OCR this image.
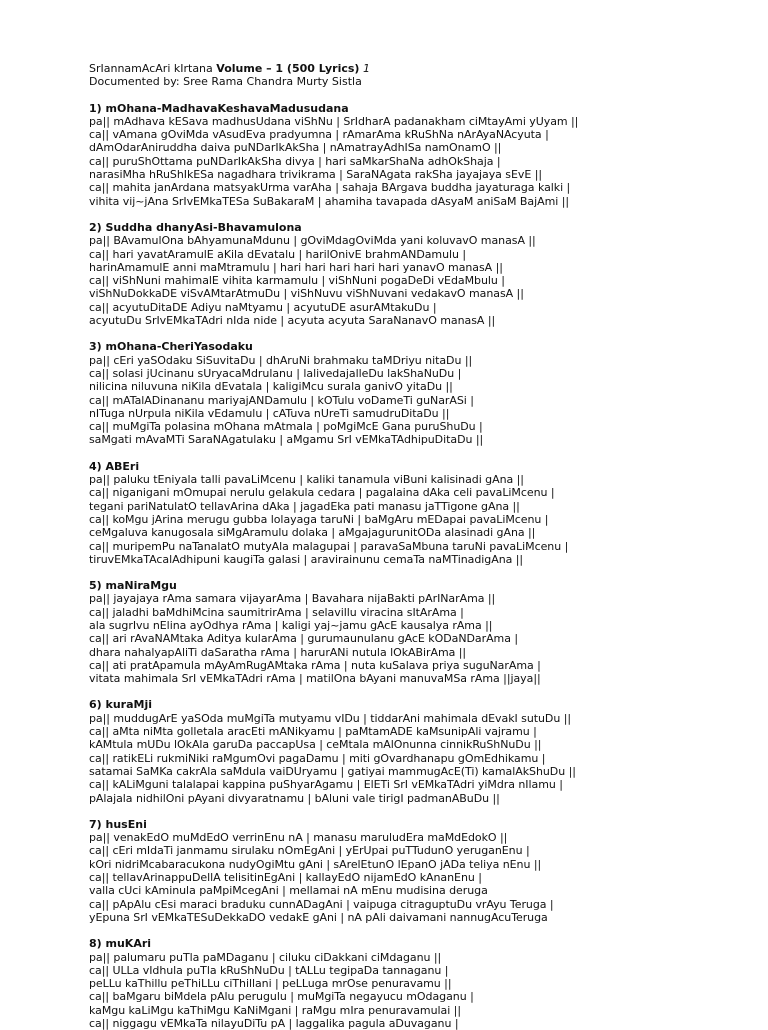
SrIannamAcAri kIrtana Volume – 1 (500 Lyrics) 1
Documented by: Sree Rama Chandra Murty Sistla
1) mOhana-MadhavaKeshavaMadusudana
pa|| mAdhava kESava madhusUdana viShNu | SrIdharA padanakham ciMtayAmi yUyam ||
ca|| vAmana gOviMda vAsudEva pradyumna | rAmarAma kRuShNa nArAyaNAcyuta |
dAmOdarAniruddha daiva puNDarIkAkSha | nAmatrayAdhISa namOnamO ||
ca|| puruShOttama puNDarIkAkSha divya | hari saMkarShaNa adhOkShaja |
narasiMha hRuShIkESa nagadhara trivikrama | SaraNAgata rakSha jayajaya sEvE ||
ca|| mahita janArdana matsyakUrma varAha | sahaja BArgava buddha jayaturaga kalki |
vihita vij~jAna SrIvEMkaTESa SuBakaraM | ahamiha tavapada dAsyaM aniSaM BajAmi ||
2) Suddha dhanyAsi-Bhavamulona
pa|| BAvamulOna bAhyamunaMdunu | gOviMdagOviMda yani koluvavO manasA ||
ca|| hari yavatAramulE aKila dEvatalu | harilOnivE brahmANDamulu |
harinAmamulE anni maMtramulu | hari hari hari hari hari yanavO manasA ||
ca|| viShNuni mahimalE vihita karmamulu | viShNuni pogaDeDi vEdaMbulu |
viShNuDokkaDE viSvAMtarAtmuDu | viShNuvu viShNuvani vedakavO manasA ||
ca|| acyutuDitaDE Adiyu naMtyamu | acyutuDE asurAMtakuDu |
acyutuDu SrIvEMkaTAdri nIda nide | acyuta acyuta SaraNanavO manasA ||
3) mOhana-CheriYasodaku
pa|| cEri yaSOdaku SiSuvitaDu | dhAruNi brahmaku taMDriyu nitaDu ||
ca|| solasi jUcinanu sUryacaMdrulanu | lalivedajalleDu lakShaNuDu |
nilicina niluvuna niKila dEvatala | kaligiMcu surala ganivO yitaDu ||
ca|| mATalADinananu mariyajANDamulu | kOTulu voDameTi guNarASi |
nITuga nUrpula niKila vEdamulu | cATuva nUreTi samudruDitaDu ||
ca|| muMgiTa polasina mOhana mAtmala | poMgiMcE Gana puruShuDu |
saMgati mAvaMTi SaraNAgatulaku | aMgamu SrI vEMkaTAdhipuDitaDu ||
4) ABEri
pa|| paluku tEniyala talli pavaLiMcenu | kaliki tanamula viBuni kalisinadi gAna ||
ca|| niganigani mOmupai nerulu gelakula cedara | pagalaina dAka celi pavaLiMcenu |
tegani pariNatulatO tellavArina dAka | jagadEka pati manasu jaTTigone gAna ||
ca|| koMgu jArina merugu gubba lolayaga taruNi | baMgAru mEDapai pavaLiMcenu |
ceMgaluva kanugosala siMgAramulu dolaka | aMgajagurunitODa alasinadi gAna ||
ca|| muripemPu naTanalatO mutyAla malagupai | paravaSaMbuna taruNi pavaLiMcenu |
tiruvEMkaTAcalAdhipuni kaugiTa galasi | aravirainunu cemaTa naMTinadigAna ||
5) maNiraMgu
pa|| jayajaya rAma samara vijayarAma | Bavahara nijaBakti pArINarAma ||
ca|| jaladhi baMdhiMcina saumitrirAma | selavillu viracina sItArAma |
ala sugrIvu nElina ayOdhya rAma | kaligi yaj~jamu gAcE kausalya rAma ||
ca|| ari rAvaNAMtaka Aditya kularAma | gurumaunulanu gAcE kODaNDarAma |
dhara nahalyapAliTi daSaratha rAma | harurANi nutula lOkABirAma ||
ca|| ati pratApamula mAyAmRugAMtaka rAma | nuta kuSalava priya suguNarAma |
vitata mahimala SrI vEMkaTAdri rAma | matilOna bAyani manuvaMSa rAma ||jaya||
6) kuraMji
pa|| muddugArE yaSOda muMgiTa mutyamu vIDu | tiddarAni mahimala dEvakI sutuDu ||
ca|| aMta niMta golletala aracEti mANikyamu | paMtamADE kaMsunipAli vajramu |
kAMtula mUDu lOkAla garuDa paccapUsa | ceMtala mAlOnunna cinnikRuShNuDu ||
ca|| ratikELi rukmiNiki raMgumOvi pagaDamu | miti gOvardhanapu gOmEdhikamu |
satamai SaMKa cakrAla saMdula vaiDUryamu | gatiyai mammugAcE(Ti) kamalAkShuDu ||
ca|| kALiMguni talalapai kappina puShyarAgamu | ElETi SrI vEMkaTAdri yiMdra nIlamu |
pAlajala nidhilOni pAyani divyaratnamu | bAluni vale tirigI padmanABuDu ||
7) husEni
pa|| venakEdO muMdEdO verrinEnu nA | manasu maruludEra maMdEdokO ||
ca|| cEri mIdaTi janmamu sirulaku nOmEgAni | yErUpai puTTudunO yeruganEnu |
kOri nidriMcabaracukona nudyOgiMtu gAni | sArelEtunO lEpanO jADa teliya nEnu ||
ca|| tellavArinappuDellA telisitinEgAni | kallayEdO nijamEdO kAnanEnu |
valla cUci kAminula paMpiMcegAni | mellamai nA mEnu mudisina deruga
ca|| pApAlu cEsi maraci braduku cunnADagAni | vaipuga citraguptuDu vrAyu Teruga |
yEpuna SrI vEMkaTESuDekkaDO vedakE gAni | nA pAli daivamani nannugAcuTeruga
8) muKAri
pa|| palumaru puTla paMDaganu | ciluku ciDakkani ciMdaganu ||
ca|| ULLa vIdhula puTla kRuShNuDu | tALLu tegipaDa tannaganu |
peLLu kaThillu peThiLLu ciThillani | peLLuga mrOse penuravamu ||
ca|| baMgaru biMdela pAlu perugulu | muMgiTa negayucu mOdaganu |
kaMgu kaLiMgu kaThiMgu KaNiMgani | raMgu mIra penuravamulai ||
ca|| niggagu vEMkaTa nilayuDiTu pA | laggalika pagula aDuvaganu |
